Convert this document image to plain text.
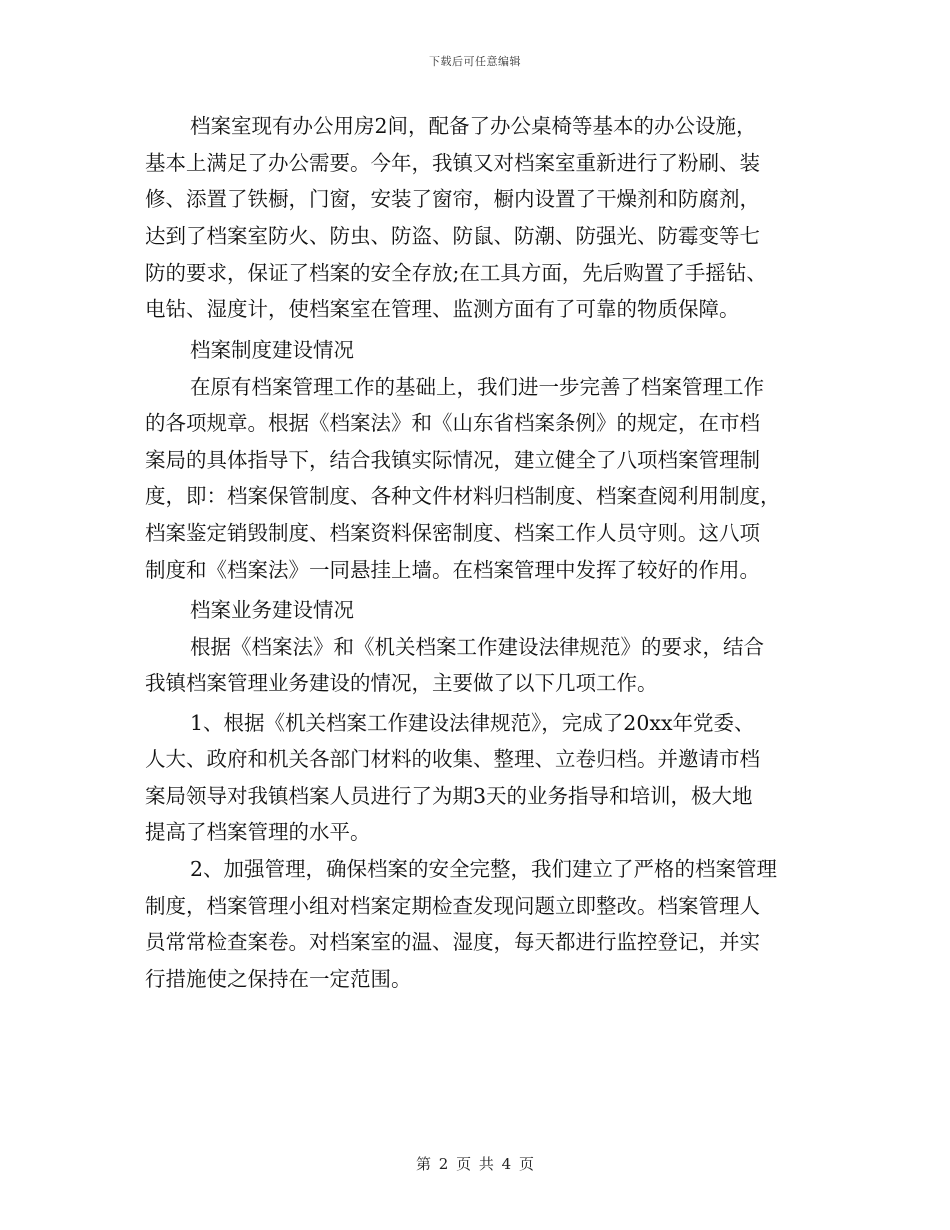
下载后可任意编辑
档案室现有办公用房2间，配备了办公桌椅等基本的办公设施，
基本上满足了办公需要。今年，我镇又对档案室重新进行了粉刷、装
修、添置了铁橱，门窗，安装了窗帘，橱内设置了干燥剂和防腐剂，
达到了档案室防火、防虫、防盗、防鼠、防潮、防强光、防霉变等七
防的要求，保证了档案的安全存放;在工具方面，先后购置了手摇钻、
电钻、湿度计，使档案室在管理、监测方面有了可靠的物质保障。
档案制度建设情况
在原有档案管理工作的基础上，我们进一步完善了档案管理工作
的各项规章。根据《档案法》和《山东省档案条例》的规定，在市档
案局的具体指导下，结合我镇实际情况，建立健全了八项档案管理制
度，即：档案保管制度、各种文件材料归档制度、档案查阅利用制度，
档案鉴定销毁制度、档案资料保密制度、档案工作人员守则。这八项
制度和《档案法》一同悬挂上墙。在档案管理中发挥了较好的作用。
档案业务建设情况
根据《档案法》和《机关档案工作建设法律规范》的要求，结合
我镇档案管理业务建设的情况，主要做了以下几项工作。
1、根据《机关档案工作建设法律规范》，完成了20xx年党委、
人大、政府和机关各部门材料的收集、整理、立卷归档。并邀请市档
案局领导对我镇档案人员进行了为期3天的业务指导和培训，极大地
提高了档案管理的水平。
2、加强管理，确保档案的安全完整，我们建立了严格的档案管理
制度，档案管理小组对档案定期检查发现问题立即整改。档案管理人
员常常检查案卷。对档案室的温、湿度，每天都进行监控登记，并实
行措施使之保持在一定范围。
第 2 页 共 4 页
